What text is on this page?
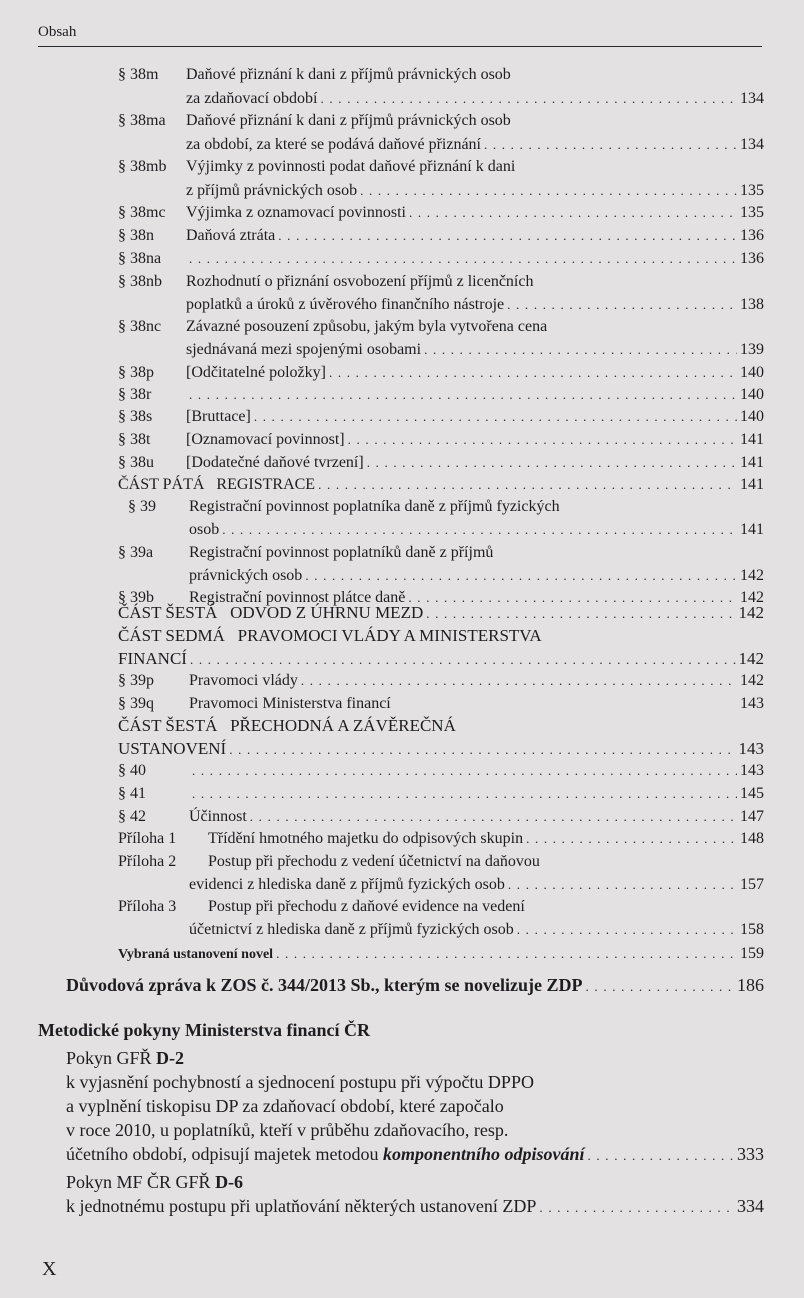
Obsah
§ 38m Daňové přiznání k dani z příjmů právnických osob
za zdaňovací období . . .	134
§ 38ma Daňové přiznání k dani z příjmů právnických osob
za období, za které se podává daňové přiznání . . .	134
§ 38mb Výjimky z povinnosti podat daňové přiznání k dani
z příjmů právnických osob . . .	135
§ 38mc Výjimka z oznamovací povinnosti . . .	135
§ 38n Daňová ztráta . . .	136
§ 38na . . .	136
§ 38nb Rozhodnutí o přiznání osvobození příjmů z licenčních
poplatků a úroků z úvěrového finančního nástroje . . .	138
§ 38nc Závazné posouzení způsobu, jakým byla vytvořena cena
sjednávaná mezi spojenými osobami . . .	139
§ 38p [Odčitatelné položky] . . .	140
§ 38r . . .	140
§ 38s [Bruttace] . . .	140
§ 38t [Oznamovací povinnost] . . .	141
§ 38u [Dodatečné daňové tvrzení] . . .	141
ČÁST PÁTÁ   REGISTRACE . . .	141
§ 39 Registrační povinnost poplatníka daně z příjmů fyzických
osob . . .	141
§ 39a Registrační povinnost poplatníků daně z příjmů
právnických osob . . .	142
§ 39b Registrační povinnost plátce daně . . .	142
ČÁST ŠESTÁ   ODVOD Z ÚHRNU MEZD . . .	142
ČÁST SEDMÁ   PRAVOMOCI VLÁDY A MINISTERSTVA
FINANCÍ . . .	142
§ 39p Pravomoci vlády . . .	142
§ 39q Pravomoci Ministerstva financí	143
ČÁST ŠESTÁ   PŘECHODNÁ A ZÁVĚREČNÁ
USTANOVENÍ . . .	143
§ 40 . . .	143
§ 41 . . .	145
§ 42	Účinnost . . .	147
Příloha 1 Třídění hmotného majetku do odpisových skupin . . .	148
Příloha 2 Postup při přechodu z vedení účetnictví na daňovou
evidenci z hlediska daně z příjmů fyzických osob . . .	157
Příloha 3 Postup při přechodu z daňové evidence na vedení
účetnictví z hlediska daně z příjmů fyzických osob . . .	158
Vybraná ustanovení novel . . .	159
Důvodová zpráva k ZOS č. 344/2013 Sb., kterým se novelizuje ZDP . . .	186
Metodické pokyny Ministerstva financí ČR
Pokyn GFŘ D-2
k vyjasnění pochybností a sjednocení postupu při výpočtu DPPO
a vyplnění tiskopisu DP za zdaňovací období, které započalo
v roce 2010, u poplatníků, kteří v průběhu zdaňovacího, resp.
účetního období, odpisují majetek metodou komponentního odpisování . . .	333
Pokyn MF ČR GFŘ D-6
k jednotnému postupu při uplatňování některých ustanovení ZDP . . .	334
X
